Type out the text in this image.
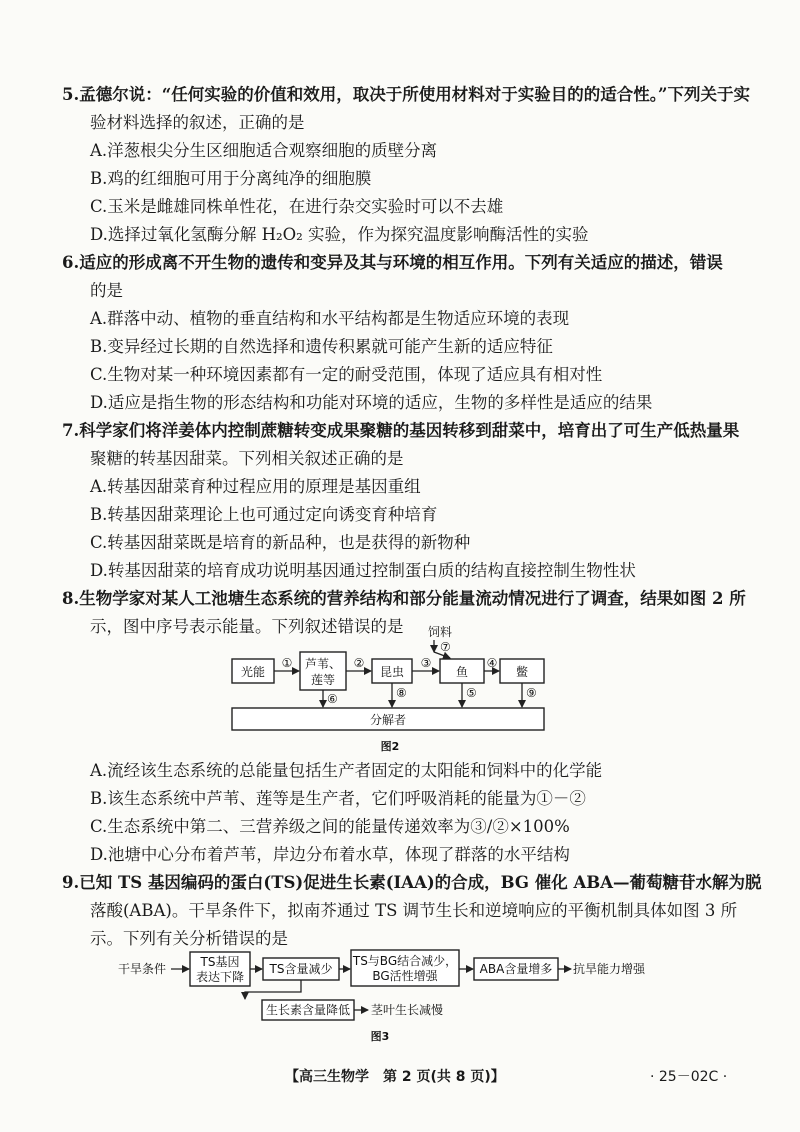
5.孟德尔说：“任何实验的价值和效用，取决于所使用材料对于实验目的的适合性。”下列关于实
验材料选择的叙述，正确的是
A.洋葱根尖分生区细胞适合观察细胞的质壁分离
B.鸡的红细胞可用于分离纯净的细胞膜
C.玉米是雌雄同株单性花，在进行杂交实验时可以不去雄
D.选择过氧化氢酶分解 H₂O₂ 实验，作为探究温度影响酶活性的实验
6.适应的形成离不开生物的遗传和变异及其与环境的相互作用。下列有关适应的描述，错误
的是
A.群落中动、植物的垂直结构和水平结构都是生物适应环境的表现
B.变异经过长期的自然选择和遗传积累就可能产生新的适应特征
C.生物对某一种环境因素都有一定的耐受范围，体现了适应具有相对性
D.适应是指生物的形态结构和功能对环境的适应，生物的多样性是适应的结果
7.科学家们将洋姜体内控制蔗糖转变成果聚糖的基因转移到甜菜中，培育出了可生产低热量果
聚糖的转基因甜菜。下列相关叙述正确的是
A.转基因甜菜育种过程应用的原理是基因重组
B.转基因甜菜理论上也可通过定向诱变育种培育
C.转基因甜菜既是培育的新品种，也是获得的新物种
D.转基因甜菜的培育成功说明基因通过控制蛋白质的结构直接控制生物性状
8.生物学家对某人工池塘生态系统的营养结构和部分能量流动情况进行了调查，结果如图 2 所
示，图中序号表示能量。下列叙述错误的是
光能
芦苇、
莲等
昆虫	鱼	鳖
分解者
①	②	③	④
饲料
⑦
⑥	⑧	⑤	⑨
图2
A.流经该生态系统的总能量包括生产者固定的太阳能和饲料中的化学能
B.该生态系统中芦苇、莲等是生产者，它们呼吸消耗的能量为①－②
C.生态系统中第二、三营养级之间的能量传递效率为③/②×100%
D.池塘中心分布着芦苇，岸边分布着水草，体现了群落的水平结构
9.已知 TS 基因编码的蛋白(TS)促进生长素(IAA)的合成，BG 催化 ABA—葡萄糖苷水解为脱
落酸(ABA)。干旱条件下，拟南芥通过 TS 调节生长和逆境响应的平衡机制具体如图 3 所
示。下列有关分析错误的是
干旱条件	TS基因
表达下降
TS含量减少
TS与BG结合减少，
BG活性增强	ABA含量增多 抗旱能力增强
生长素含量降低 茎叶生长减慢
图3
【高三生物学　第 2 页(共 8 页)】	· 25－02C ·
